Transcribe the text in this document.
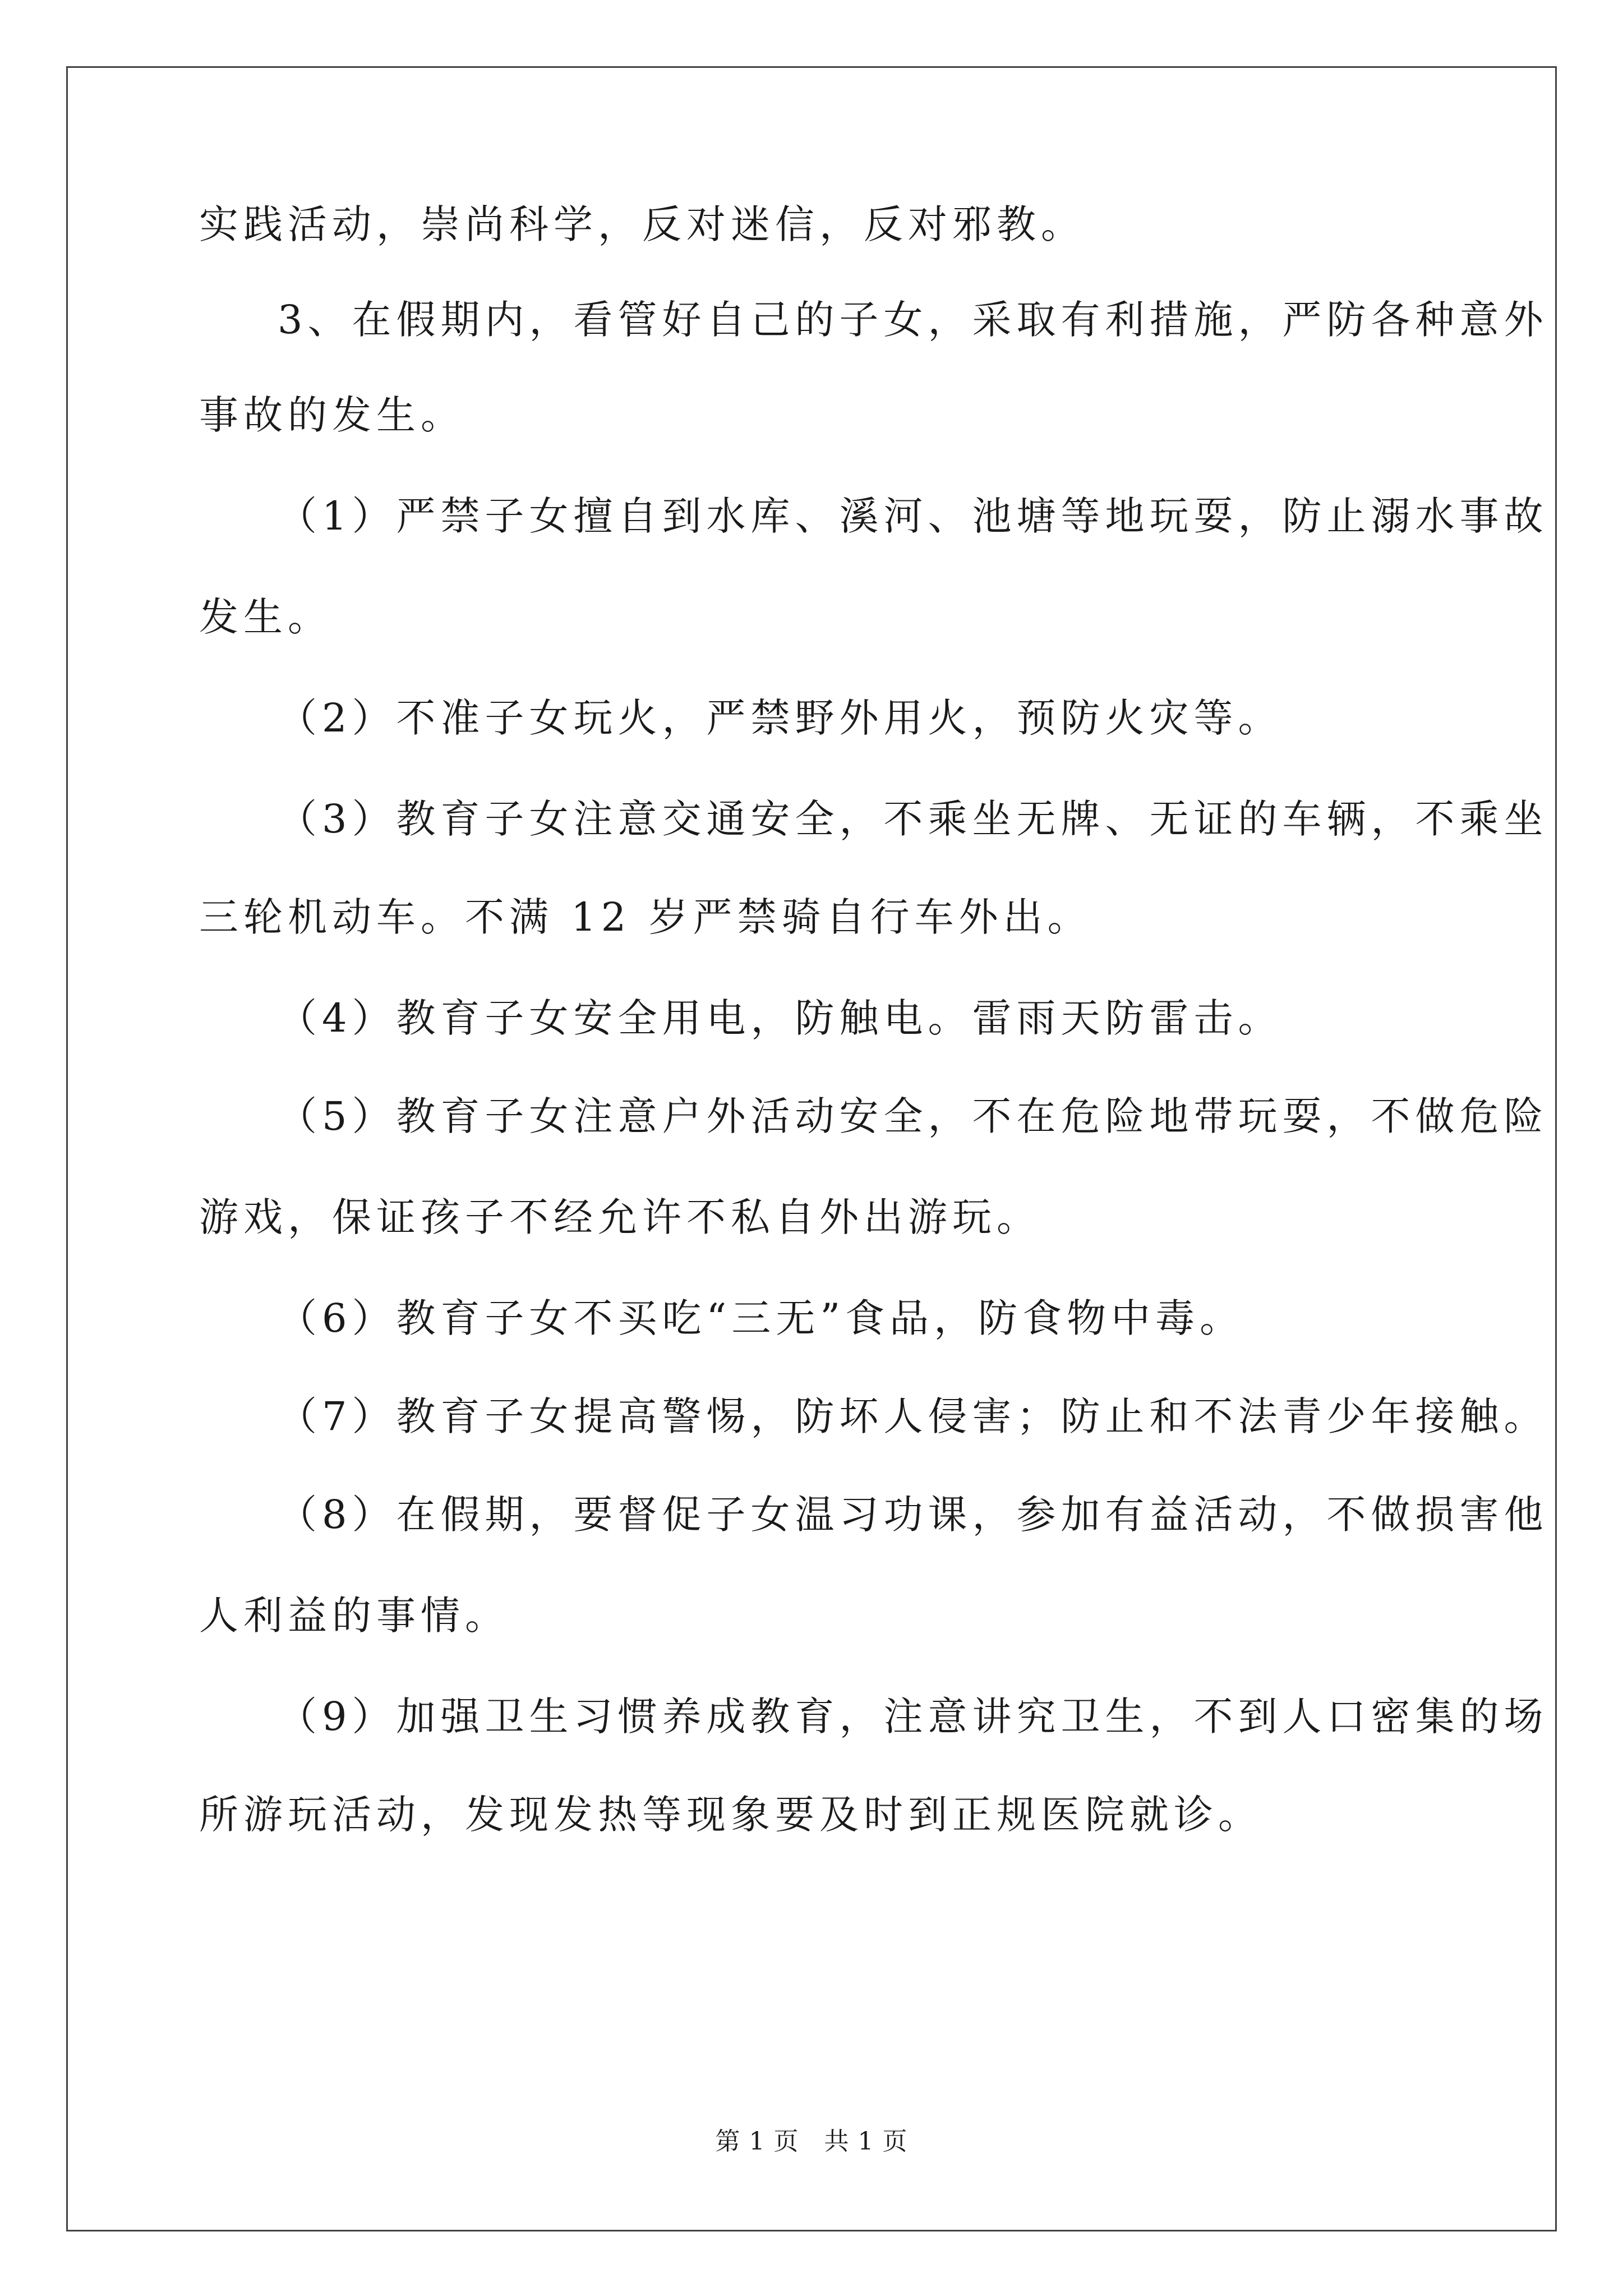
实践活动，崇尚科学，反对迷信，反对邪教。
3、在假期内，看管好自己的子女，采取有利措施，严防各种意外
事故的发生。
（1）严禁子女擅自到水库、溪河、池塘等地玩耍，防止溺水事故
发生。
（2）不准子女玩火，严禁野外用火，预防火灾等。
（3）教育子女注意交通安全，不乘坐无牌、无证的车辆，不乘坐
三轮机动车。不满 12 岁严禁骑自行车外出。
（4）教育子女安全用电，防触电。雷雨天防雷击。
（5）教育子女注意户外活动安全，不在危险地带玩耍，不做危险
游戏，保证孩子不经允许不私自外出游玩。
（6）教育子女不买吃“三无”食品，防食物中毒。
（7）教育子女提高警惕，防坏人侵害；防止和不法青少年接触。
（8）在假期，要督促子女温习功课，参加有益活动，不做损害他
人利益的事情。
（9）加强卫生习惯养成教育，注意讲究卫生，不到人口密集的场
所游玩活动，发现发热等现象要及时到正规医院就诊。
第 1 页　共 1 页
